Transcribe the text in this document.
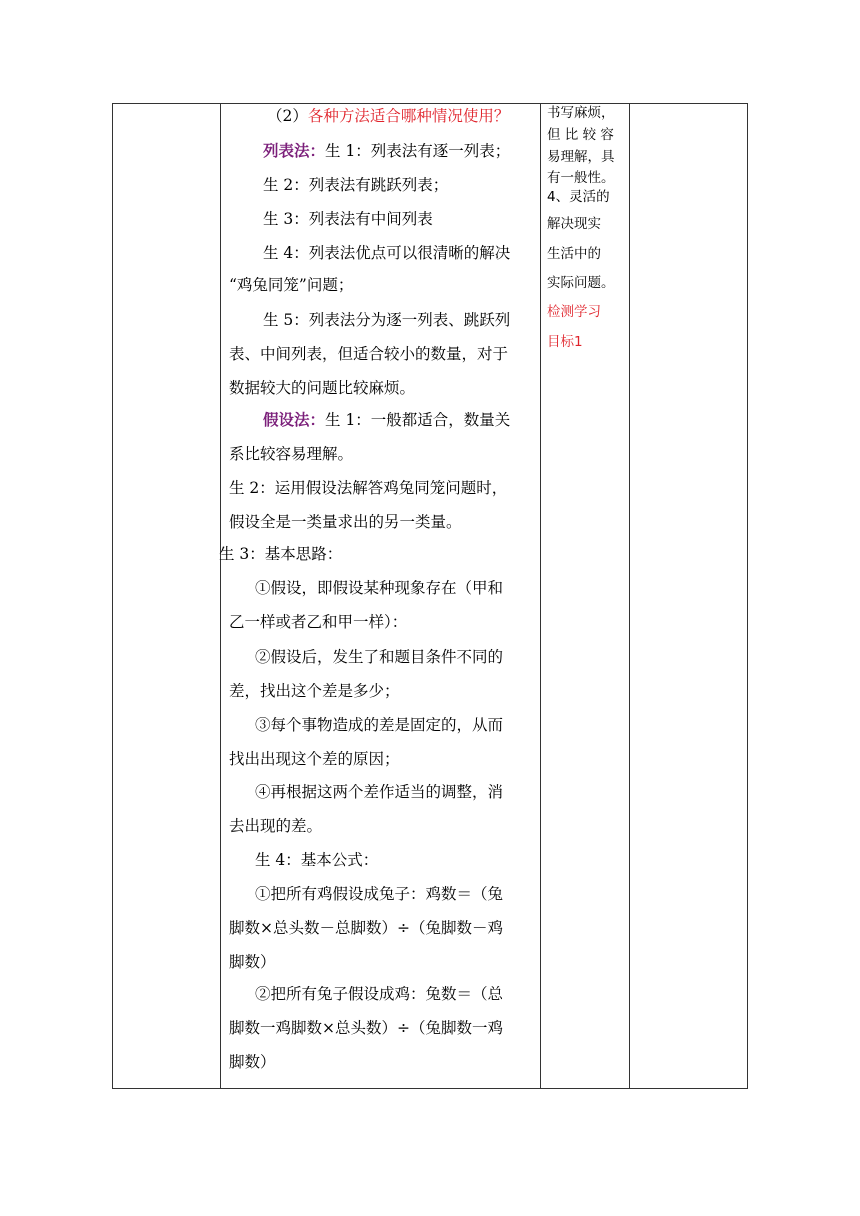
（2）各种方法适合哪种情况使用？
列表法：生 1：列表法有逐一列表；
生 2：列表法有跳跃列表；
生 3：列表法有中间列表
生 4：列表法优点可以很清晰的解决
“鸡兔同笼”问题；
生 5：列表法分为逐一列表、跳跃列
表、中间列表，但适合较小的数量，对于
数据较大的问题比较麻烦。
假设法：生 1：一般都适合，数量关
系比较容易理解。
生 2：运用假设法解答鸡兔同笼问题时，
假设全是一类量求出的另一类量。
生 3：基本思路：
①假设，即假设某种现象存在（甲和
乙一样或者乙和甲一样）：
②假设后，发生了和题目条件不同的
差，找出这个差是多少；
③每个事物造成的差是固定的，从而
找出出现这个差的原因；
④再根据这两个差作适当的调整，消
去出现的差。
生 4：基本公式：
①把所有鸡假设成兔子：鸡数＝（兔
脚数×总头数－总脚数）÷（兔脚数－鸡
脚数）
②把所有兔子假设成鸡：兔数＝（总
脚数一鸡脚数×总头数）÷（兔脚数一鸡
脚数）
书写麻烦，
但 比 较 容
易理解，具
有一般性。
4、灵活的
解决现实
生活中的
实际问题。
检测学习
目标1
